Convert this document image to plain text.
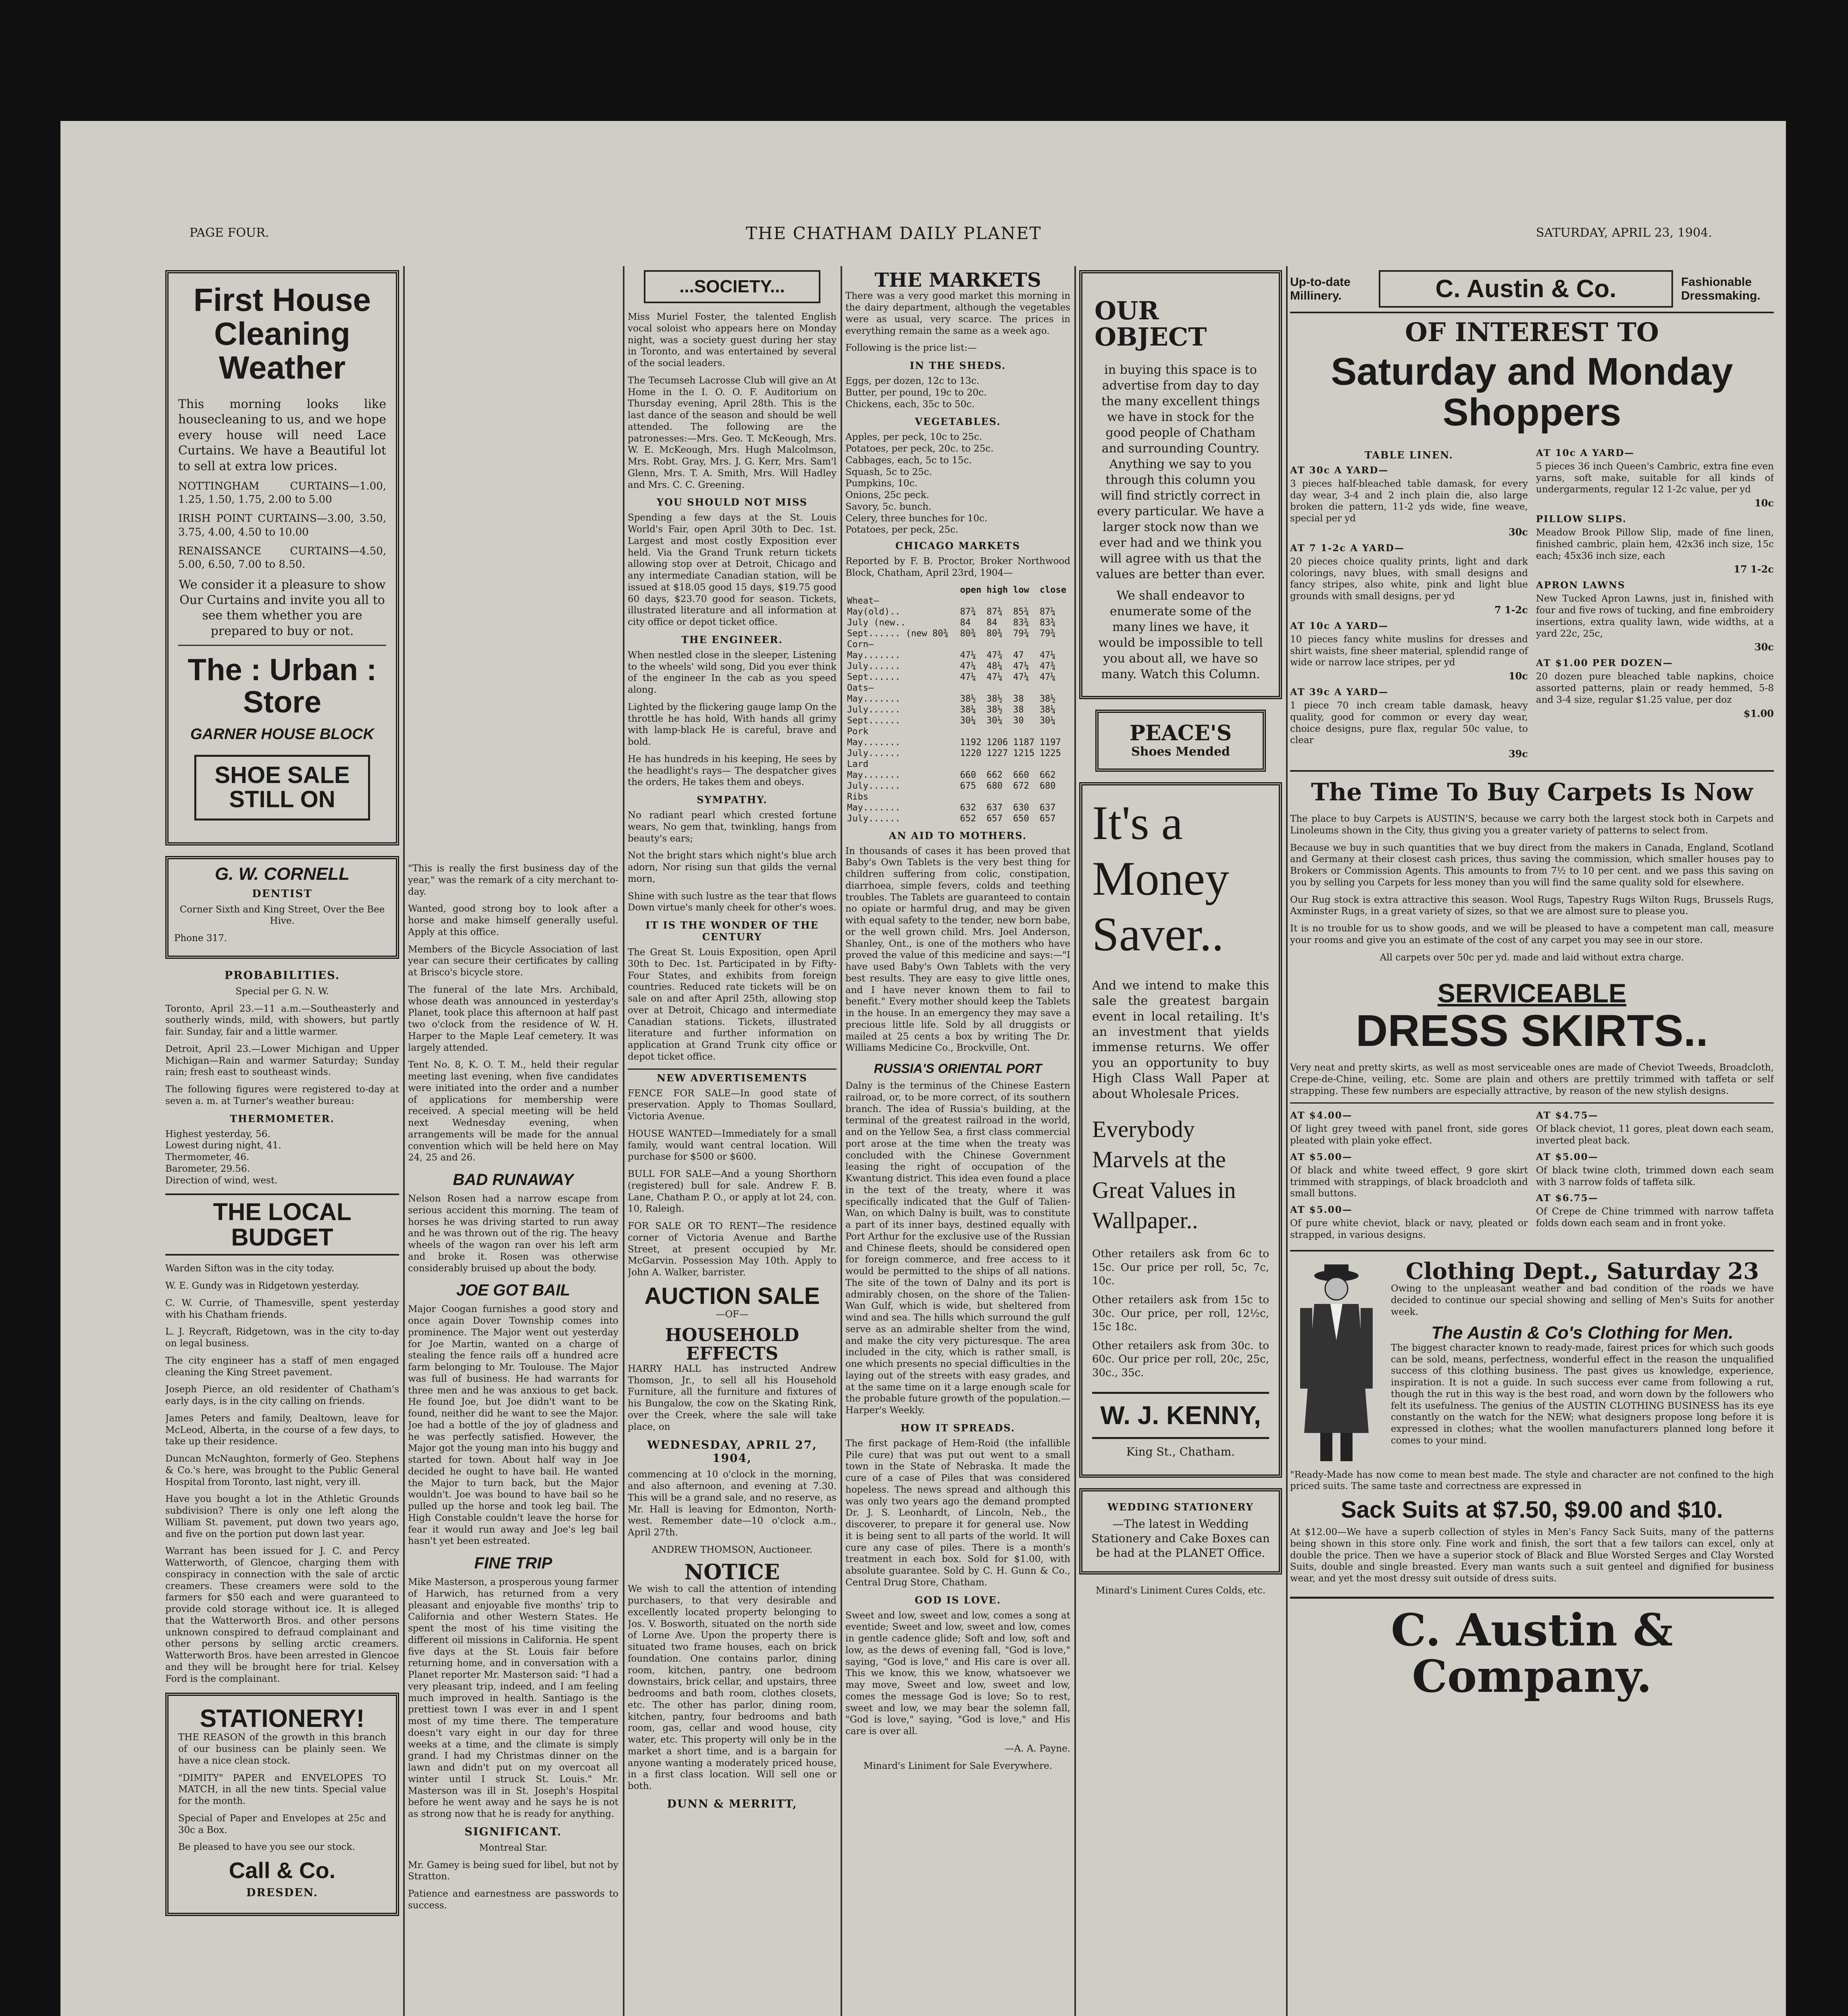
PAGE FOUR.	THE CHATHAM DAILY PLANET	SATURDAY, APRIL 23, 1904.
First House Cleaning Weather

This morning looks like housecleaning to us, and we hope every house will need Lace Curtains. We have a Beautiful lot to sell at extra low prices.

NOTTINGHAM CURTAINS—1.00, 1.25, 1.50, 1.75, 2.00 to 5.00

IRISH POINT CURTAINS—3.00, 3.50, 3.75, 4.00, 4.50 to 10.00

RENAISSANCE CURTAINS—4.50, 5.00, 6.50, 7.00 to 8.50.

We consider it a pleasure to show Our Curtains and invite you all to see them whether you are prepared to buy or not.

The : Urban : Store
GARNER HOUSE BLOCK
SHOE SALE STILL ON
G. W. CORNELL
DENTIST

Corner Sixth and King Street, Over the Bee Hive.

Phone 317.

PROBABILITIES.

Special per G. N. W.

Toronto, April 23.—11 a.m.—Southeasterly and southerly winds, mild, with showers, but partly fair. Sunday, fair and a little warmer.

Detroit, April 23.—Lower Michigan and Upper Michigan—Rain and warmer Saturday; Sunday rain; fresh east to southeast winds.

The following figures were registered to-day at seven a. m. at Turner's weather bureau:

THERMOMETER.

Highest yesterday, 56.

Lowest during night, 41.

Thermometer, 46.

Barometer, 29.56.

Direction of wind, west.

THE LOCAL BUDGET

Warden Sifton was in the city today.

W. E. Gundy was in Ridgetown yesterday.

C. W. Currie, of Thamesville, spent yesterday with his Chatham friends.

L. J. Reycraft, Ridgetown, was in the city to-day on legal business.

The city engineer has a staff of men engaged cleaning the King Street pavement.

Joseph Pierce, an old residenter of Chatham's early days, is in the city calling on friends.

James Peters and family, Dealtown, leave for McLeod, Alberta, in the course of a few days, to take up their residence.

Duncan McNaughton, formerly of Geo. Stephens & Co.'s here, was brought to the Public General Hospital from Toronto, last night, very ill.

Have you bought a lot in the Athletic Grounds subdivision? There is only one left along the William St. pavement, put down two years ago, and five on the portion put down last year.

Warrant has been issued for J. C. and Percy Watterworth, of Glencoe, charging them with conspiracy in connection with the sale of arctic creamers. These creamers were sold to the farmers for $50 each and were guaranteed to provide cold storage without ice. It is alleged that the Watterworth Bros. and other persons unknown conspired to defraud complainant and other persons by selling arctic creamers. Watterworth Bros. have been arrested in Glencoe and they will be brought here for trial. Kelsey Ford is the complainant.

STATIONERY!

THE REASON of the growth in this branch of our business can be plainly seen. We have a nice clean stock.

"DIMITY" PAPER and ENVELOPES TO MATCH, in all the new tints. Special value for the month.

Special of Paper and Envelopes at 25c and 30c a Box.

Be pleased to have you see our stock.

Call & Co.
DRESDEN.

"This is really the first business day of the year," was the remark of a city merchant to-day.

Wanted, good strong boy to look after a horse and make himself generally useful. Apply at this office.

Members of the Bicycle Association of last year can secure their certificates by calling at Brisco's bicycle store.

The funeral of the late Mrs. Archibald, whose death was announced in yesterday's Planet, took place this afternoon at half past two o'clock from the residence of W. H. Harper to the Maple Leaf cemetery. It was largely attended.

Tent No. 8, K. O. T. M., held their regular meeting last evening, when five candidates were initiated into the order and a number of applications for membership were received. A special meeting will be held next Wednesday evening, when arrangements will be made for the annual convention which will be held here on May 24, 25 and 26.

BAD RUNAWAY

Nelson Rosen had a narrow escape from serious accident this morning. The team of horses he was driving started to run away and he was thrown out of the rig. The heavy wheels of the wagon ran over his left arm and broke it. Rosen was otherwise considerably bruised up about the body.

JOE GOT BAIL

Major Coogan furnishes a good story and once again Dover Township comes into prominence. The Major went out yesterday for Joe Martin, wanted on a charge of stealing the fence rails off a hundred acre farm belonging to Mr. Toulouse. The Major was full of business. He had warrants for three men and he was anxious to get back. He found Joe, but Joe didn't want to be found, neither did he want to see the Major. Joe had a bottle of the joy of gladness and he was perfectly satisfied. However, the Major got the young man into his buggy and started for town. About half way in Joe decided he ought to have bail. He wanted the Major to turn back, but the Major wouldn't. Joe was bound to have bail so he pulled up the horse and took leg bail. The High Constable couldn't leave the horse for fear it would run away and Joe's leg bail hasn't yet been estreated.

FINE TRIP

Mike Masterson, a prosperous young farmer of Harwich, has returned from a very pleasant and enjoyable five months' trip to California and other Western States. He spent the most of his time visiting the different oil missions in California. He spent five days at the St. Louis fair before returning home, and in conversation with a Planet reporter Mr. Masterson said: "I had a very pleasant trip, indeed, and I am feeling much improved in health. Santiago is the prettiest town I was ever in and I spent most of my time there. The temperature doesn't vary eight in our day for three weeks at a time, and the climate is simply grand. I had my Christmas dinner on the lawn and didn't put on my overcoat all winter until I struck St. Louis." Mr. Masterson was ill in St. Joseph's Hospital before he went away and he says he is not as strong now that he is ready for anything.

SIGNIFICANT.

Montreal Star.

Mr. Gamey is being sued for libel, but not by Stratton.

Patience and earnestness are passwords to success.

...SOCIETY...

Miss Muriel Foster, the talented English vocal soloist who appears here on Monday night, was a society guest during her stay in Toronto, and was entertained by several of the social leaders.

The Tecumseh Lacrosse Club will give an At Home in the I. O. O. F. Auditorium on Thursday evening, April 28th. This is the last dance of the season and should be well attended. The following are the patronesses:—Mrs. Geo. T. McKeough, Mrs. W. E. McKeough, Mrs. Hugh Malcolmson, Mrs. Robt. Gray, Mrs. J. G. Kerr, Mrs. Sam'l Glenn, Mrs. T. A. Smith, Mrs. Will Hadley and Mrs. C. C. Greening.

YOU SHOULD NOT MISS

Spending a few days at the St. Louis World's Fair, open April 30th to Dec. 1st. Largest and most costly Exposition ever held. Via the Grand Trunk return tickets allowing stop over at Detroit, Chicago and any intermediate Canadian station, will be issued at $18.05 good 15 days, $19.75 good 60 days, $23.70 good for season. Tickets, illustrated literature and all information at city office or depot ticket office.

THE ENGINEER.

When nestled close in the sleeper, Listening to the wheels' wild song, Did you ever think of the engineer In the cab as you speed along.

Lighted by the flickering gauge lamp On the throttle he has hold, With hands all grimy with lamp-black He is careful, brave and bold.

He has hundreds in his keeping, He sees by the headlight's rays— The despatcher gives the orders, He takes them and obeys.

SYMPATHY.

No radiant pearl which crested fortune wears, No gem that, twinkling, hangs from beauty's ears;

Not the bright stars which night's blue arch adorn, Nor rising sun that gilds the vernal morn,

Shine with such lustre as the tear that flows Down virtue's manly cheek for other's woes.

IT IS THE WONDER OF THE CENTURY

The Great St. Louis Exposition, open April 30th to Dec. 1st. Participated in by Fifty-Four States, and exhibits from foreign countries. Reduced rate tickets will be on sale on and after April 25th, allowing stop over at Detroit, Chicago and intermediate Canadian stations. Tickets, illustrated literature and further information on application at Grand Trunk city office or depot ticket office.

NEW ADVERTISEMENTS

FENCE FOR SALE—In good state of preservation. Apply to Thomas Soullard, Victoria Avenue.

HOUSE WANTED—Immediately for a small family, would want central location. Will purchase for $500 or $600.

BULL FOR SALE—And a young Shorthorn (registered) bull for sale. Andrew F. B. Lane, Chatham P. O., or apply at lot 24, con. 10, Raleigh.

FOR SALE OR TO RENT—The residence corner of Victoria Avenue and Barthe Street, at present occupied by Mr. McGarvin. Possession May 10th. Apply to John A. Walker, barrister.

AUCTION SALE

—OF—

HOUSEHOLD EFFECTS

HARRY HALL has instructed Andrew Thomson, Jr., to sell all his Household Furniture, all the furniture and fixtures of his Bungalow, the cow on the Skating Rink, over the Creek, where the sale will take place, on

WEDNESDAY, APRIL 27, 1904,

commencing at 10 o'clock in the morning, and also afternoon, and evening at 7.30. This will be a grand sale, and no reserve, as Mr. Hall is leaving for Edmonton, North-west. Remember date—10 o'clock a.m., April 27th.

ANDREW THOMSON, Auctioneer.

NOTICE

We wish to call the attention of intending purchasers, to that very desirable and excellently located property belonging to Jos. V. Bosworth, situated on the north side of Lorne Ave. Upon the property there is situated two frame houses, each on brick foundation. One contains parlor, dining room, kitchen, pantry, one bedroom downstairs, brick cellar, and upstairs, three bedrooms and bath room, clothes closets, etc. The other has parlor, dining room, kitchen, pantry, four bedrooms and bath room, gas, cellar and wood house, city water, etc. This property will only be in the market a short time, and is a bargain for anyone wanting a moderately priced house, in a first class location. Will sell one or both.

DUNN & MERRITT,
THE MARKETS

There was a very good market this morning in the dairy department, although the vegetables were as usual, very scarce. The prices in everything remain the same as a week ago.

Following is the price list:—

IN THE SHEDS.

Eggs, per dozen, 12c to 13c.

Butter, per pound, 19c to 20c.

Chickens, each, 35c to 50c.

VEGETABLES.

Apples, per peck, 10c to 25c.

Potatoes, per peck, 20c. to 25c.

Cabbages, each, 5c to 15c.

Squash, 5c to 25c.

Pumpkins, 10c.

Onions, 25c peck.

Savory, 5c. bunch.

Celery, three bunches for 10c.

Potatoes, per peck, 25c.

CHICAGO MARKETS

Reported by F. B. Proctor, Broker Northwood Block, Chatham, April 23rd, 1904—

	open	high	low	close
Wheat—				
May(old)..	87¾	87¾	85¾	87¼
July (new..	84	84	83¾	83¾
Sept...... (new 80¾	80¾	80¾	79¾	79¾
Corn—				
May.......	47¼	47¾	47	47¼
July......	47¼	48¼	47¼	47¾
Sept......	47¼	47¼	47¼	47¼
Oats—				
May.......	38½	38½	38	38½
July......	38¼	38½	38	38¼
Sept......	30¼	30¼	30	30¼
Pork				
May.......	1192	1206	1187	1197
July......	1220	1227	1215	1225
Lard				
May.......	660	662	660	662
July......	675	680	672	680
Ribs				
May.......	632	637	630	637
July......	652	657	650	657
AN AID TO MOTHERS.

In thousands of cases it has been proved that Baby's Own Tablets is the very best thing for children suffering from colic, constipation, diarrhoea, simple fevers, colds and teething troubles. The Tablets are guaranteed to contain no opiate or harmful drug, and may be given with equal safety to the tender, new born babe, or the well grown child. Mrs. Joel Anderson, Shanley, Ont., is one of the mothers who have proved the value of this medicine and says:—"I have used Baby's Own Tablets with the very best results. They are easy to give little ones, and I have never known them to fail to benefit." Every mother should keep the Tablets in the house. In an emergency they may save a precious little life. Sold by all druggists or mailed at 25 cents a box by writing The Dr. Williams Medicine Co., Brockville, Ont.

RUSSIA'S ORIENTAL PORT

Dalny is the terminus of the Chinese Eastern railroad, or, to be more correct, of its southern branch. The idea of Russia's building, at the terminal of the greatest railroad in the world, and on the Yellow Sea, a first class commercial port arose at the time when the treaty was concluded with the Chinese Government leasing the right of occupation of the Kwantung district. This idea even found a place in the text of the treaty, where it was specifically indicated that the Gulf of Talien-Wan, on which Dalny is built, was to constitute a part of its inner bays, destined equally with Port Arthur for the exclusive use of the Russian and Chinese fleets, should be considered open for foreign commerce, and free access to it would be permitted to the ships of all nations. The site of the town of Dalny and its port is admirably chosen, on the shore of the Talien-Wan Gulf, which is wide, but sheltered from wind and sea. The hills which surround the gulf serve as an admirable shelter from the wind, and make the city very picturesque. The area included in the city, which is rather small, is one which presents no special difficulties in the laying out of the streets with easy grades, and at the same time on it a large enough scale for the probable future growth of the population.—Harper's Weekly.

HOW IT SPREADS.

The first package of Hem-Roid (the infallible Pile cure) that was put out went to a small town in the State of Nebraska. It made the cure of a case of Piles that was considered hopeless. The news spread and although this was only two years ago the demand prompted Dr. J. S. Leonhardt, of Lincoln, Neb., the discoverer, to prepare it for general use. Now it is being sent to all parts of the world. It will cure any case of piles. There is a month's treatment in each box. Sold for $1.00, with absolute guarantee. Sold by C. H. Gunn & Co., Central Drug Store, Chatham.

GOD IS LOVE.

Sweet and low, sweet and low, comes a song at eventide; Sweet and low, sweet and low, comes in gentle cadence glide; Soft and low, soft and low, as the dews of evening fall, "God is love," saying, "God is love," and His care is over all. This we know, this we know, whatsoever we may move, Sweet and low, sweet and low, comes the message God is love; So to rest, sweet and low, we may bear the solemn fall, "God is love," saying, "God is love," and His care is over all.

—A. A. Payne.

Minard's Liniment for Sale Everywhere.

OUR OBJECT

in buying this space is to advertise from day to day the many excellent things we have in stock for the good people of Chatham and surrounding Country. Anything we say to you through this column you will find strictly correct in every particular. We have a larger stock now than we ever had and we think you will agree with us that the values are better than ever.

We shall endeavor to enumerate some of the many lines we have, it would be impossible to tell you about all, we have so many. Watch this Column.

PEACE'S
Shoes Mended
It's a
Money
Saver..

And we intend to make this sale the greatest bargain event in local retailing. It's an investment that yields immense returns. We offer you an opportunity to buy High Class Wall Paper at about Wholesale Prices.

Everybody Marvels at the Great Values in Wallpaper..

Other retailers ask from 6c to 15c. Our price per roll, 5c, 7c, 10c.

Other retailers ask from 15c to 30c. Our price, per roll, 12½c, 15c 18c.

Other retailers ask from 30c. to 60c. Our price per roll, 20c, 25c, 30c., 35c.

W. J. KENNY,

King St., Chatham.

WEDDING STATIONERY

—The latest in Wedding Stationery and Cake Boxes can be had at the PLANET Office.

Minard's Liniment Cures Colds, etc.

Up-to-date Millinery.	C. Austin & Co.	Fashionable Dressmaking.
OF INTEREST TO
Saturday and Monday Shoppers
TABLE LINEN.
AT 30c A YARD—

3 pieces half-bleached table damask, for every day wear, 3-4 and 2 inch plain die, also large broken die pattern, 11-2 yds wide, fine weave, special per yd

30c
AT 7 1-2c A YARD—

20 pieces choice quality prints, light and dark colorings, navy blues, with small designs and fancy stripes, also white, pink and light blue grounds with small designs, per yd

7 1-2c
AT 10c A YARD—

10 pieces fancy white muslins for dresses and shirt waists, fine sheer material, splendid range of wide or narrow lace stripes, per yd

10c
AT 39c A YARD—

1 piece 70 inch cream table damask, heavy quality, good for common or every day wear, choice designs, pure flax, regular 50c value, to clear

39c
AT 10c A YARD—

5 pieces 36 inch Queen's Cambric, extra fine even yarns, soft make, suitable for all kinds of undergarments, regular 12 1-2c value, per yd

10c
PILLOW SLIPS.

Meadow Brook Pillow Slip, made of fine linen, finished cambric, plain hem, 42x36 inch size, 15c each; 45x36 inch size, each

17 1-2c
APRON LAWNS

New Tucked Apron Lawns, just in, finished with four and five rows of tucking, and fine embroidery insertions, extra quality lawn, wide widths, at a yard 22c, 25c,

30c
AT $1.00 PER DOZEN—

20 dozen pure bleached table napkins, choice assorted patterns, plain or ready hemmed, 5-8 and 3-4 size, regular $1.25 value, per doz

$1.00
The Time To Buy Carpets Is Now

The place to buy Carpets is AUSTIN'S, because we carry both the largest stock both in Carpets and Linoleums shown in the City, thus giving you a greater variety of patterns to select from.

Because we buy in such quantities that we buy direct from the makers in Canada, England, Scotland and Germany at their closest cash prices, thus saving the commission, which smaller houses pay to Brokers or Commission Agents. This amounts to from 7½ to 10 per cent. and we pass this saving on you by selling you Carpets for less money than you will find the same quality sold for elsewhere.

Our Rug stock is extra attractive this season. Wool Rugs, Tapestry Rugs Wilton Rugs, Brussels Rugs, Axminster Rugs, in a great variety of sizes, so that we are almost sure to please you.

It is no trouble for us to show goods, and we will be pleased to have a competent man call, measure your rooms and give you an estimate of the cost of any carpet you may see in our store.

All carpets over 50c per yd. made and laid without extra charge.

SERVICEABLE
DRESS SKIRTS..

Very neat and pretty skirts, as well as most serviceable ones are made of Cheviot Tweeds, Broadcloth, Crepe-de-Chine, veiling, etc. Some are plain and others are prettily trimmed with taffeta or self strapping. These few numbers are especially attractive, by reason of the new stylish designs.

AT $4.00—

Of light grey tweed with panel front, side gores pleated with plain yoke effect.

AT $5.00—

Of black and white tweed effect, 9 gore skirt trimmed with strappings, of black broadcloth and small buttons.

AT $5.00—

Of pure white cheviot, black or navy, pleated or strapped, in various designs.

AT $4.75—

Of black cheviot, 11 gores, pleat down each seam, inverted pleat back.

AT $5.00—

Of black twine cloth, trimmed down each seam with 3 narrow folds of taffeta silk.

AT $6.75—

Of Crepe de Chine trimmed with narrow taffeta folds down each seam and in front yoke.

Clothing Dept., Saturday 23

Owing to the unpleasant weather and bad condition of the roads we have decided to continue our special showing and selling of Men's Suits for another week.

The Austin & Co's Clothing for Men.

The biggest character known to ready-made, fairest prices for which such goods can be sold, means, perfectness, wonderful effect in the reason the unqualified success of this clothing business. The past gives us knowledge, experience, inspiration. It is not a guide. In such success ever came from following a rut, though the rut in this way is the best road, and worn down by the followers who felt its usefulness. The genius of the AUSTIN CLOTHING BUSINESS has its eye constantly on the watch for the NEW; what designers propose long before it is expressed in clothes; what the woollen manufacturers planned long before it comes to your mind.

"Ready-Made has now come to mean best made. The style and character are not confined to the high priced suits. The same taste and correctness are expressed in

Sack Suits at $7.50, $9.00 and $10.

At $12.00—We have a superb collection of styles in Men's Fancy Sack Suits, many of the patterns being shown in this store only. Fine work and finish, the sort that a few tailors can excel, only at double the price. Then we have a superior stock of Black and Blue Worsted Serges and Clay Worsted Suits, double and single breasted. Every man wants such a suit genteel and dignified for business wear, and yet the most dressy suit outside of dress suits.

C. Austin & Company.
